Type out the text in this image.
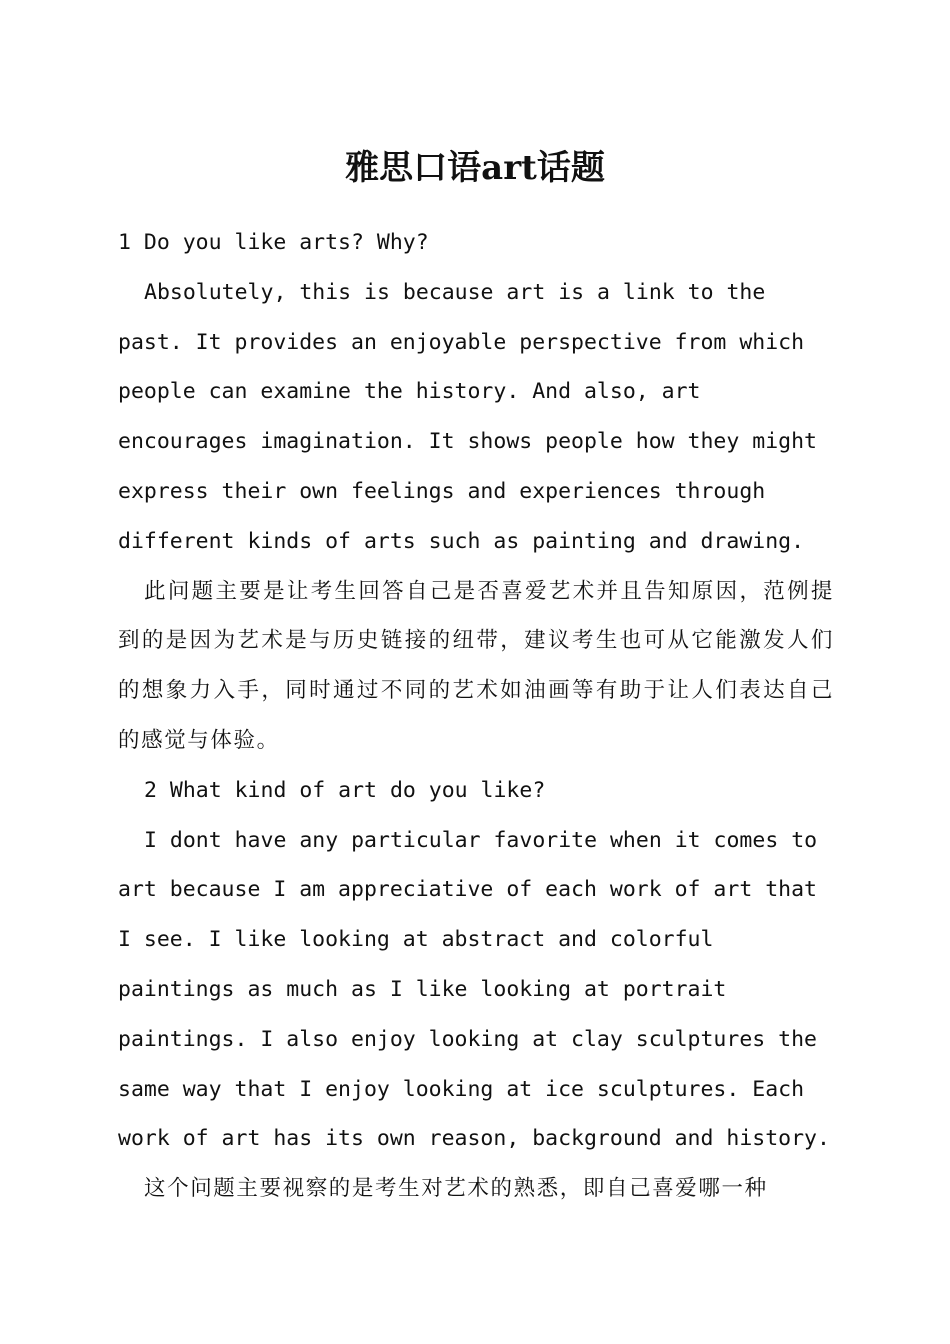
雅思口语art话题

1 Do you like arts? Why?

Absolutely, this is because art is a link to the past. It provides an enjoyable perspective from which people can examine the history. And also, art encourages imagination. It shows people how they might express their own feelings and experiences through different kinds of arts such as painting and drawing.

此问题主要是让考生回答自己是否喜爱艺术并且告知原因，范例提到的是因为艺术是与历史链接的纽带，建议考生也可从它能激发人们的想象力入手，同时通过不同的艺术如油画等有助于让人们表达自己的感觉与体验。

2 What kind of art do you like?

I dont have any particular favorite when it comes to art because I am appreciative of each work of art that I see. I like looking at abstract and colorful paintings as much as I like looking at portrait paintings. I also enjoy looking at clay sculptures the same way that I enjoy looking at ice sculptures. Each work of art has its own reason, background and history.

这个问题主要视察的是考生对艺术的熟悉，即自己喜爱哪一种
